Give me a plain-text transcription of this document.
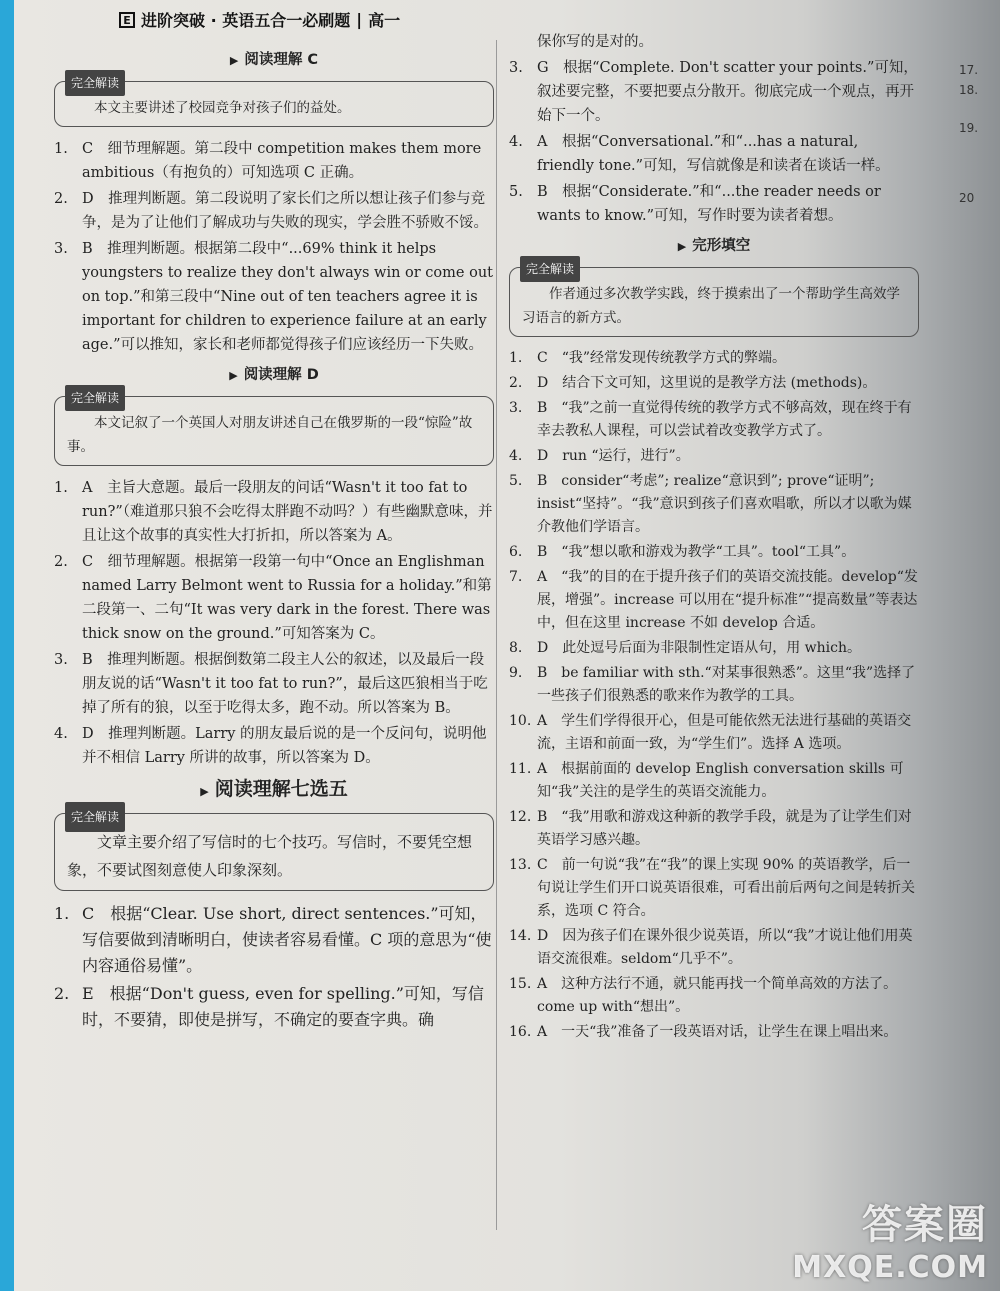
E 进阶突破 · 英语五合一必刷题 | 高一
▶ 阅读理解 C
完全解读
本文主要讲述了校园竞争对孩子们的益处。
1. C　细节理解题。第二段中 competition makes them more ambitious（有抱负的）可知选项 C 正确。
2. D　推理判断题。第二段说明了家长们之所以想让孩子们参与竞争，是为了让他们了解成功与失败的现实，学会胜不骄败不馁。
3. B　推理判断题。根据第二段中“...69% think it helps youngsters to realize they don't always win or come out on top.”和第三段中“Nine out of ten teachers agree it is important for children to experience failure at an early age.”可以推知，家长和老师都觉得孩子们应该经历一下失败。
▶ 阅读理解 D
完全解读
本文记叙了一个英国人对朋友讲述自己在俄罗斯的一段“惊险”故事。
1. A　主旨大意题。最后一段朋友的问话“Wasn't it too fat to run?”（难道那只狼不会吃得太胖跑不动吗？）有些幽默意味，并且让这个故事的真实性大打折扣，所以答案为 A。
2. C　细节理解题。根据第一段第一句中“Once an Englishman named Larry Belmont went to Russia for a holiday.”和第二段第一、二句“It was very dark in the forest. There was thick snow on the ground.”可知答案为 C。
3. B　推理判断题。根据倒数第二段主人公的叙述，以及最后一段朋友说的话“Wasn't it too fat to run?”，最后这匹狼相当于吃掉了所有的狼，以至于吃得太多，跑不动。所以答案为 B。
4. D　推理判断题。Larry 的朋友最后说的是一个反问句，说明他并不相信 Larry 所讲的故事，所以答案为 D。
▶ 阅读理解七选五
完全解读
文章主要介绍了写信时的七个技巧。写信时，不要凭空想象，不要试图刻意使人印象深刻。
1. C　根据“Clear. Use short, direct sentences.”可知，写信要做到清晰明白，使读者容易看懂。C 项的意思为“使内容通俗易懂”。
2. E　根据“Don't guess, even for spelling.”可知，写信时，不要猜，即使是拼写，不确定的要查字典。确
保你写的是对的。
3. G　根据“Complete. Don't scatter your points.”可知，叙述要完整，不要把要点分散开。彻底完成一个观点，再开始下一个。
4. A　根据“Conversational.”和“...has a natural, friendly tone.”可知，写信就像是和读者在谈话一样。
5. B　根据“Considerate.”和“...the reader needs or wants to know.”可知，写作时要为读者着想。
▶ 完形填空
完全解读
作者通过多次教学实践，终于摸索出了一个帮助学生高效学习语言的新方式。
1.	C　“我”经常发现传统教学方式的弊端。
2.	D　结合下文可知，这里说的是教学方法 (methods)。
3.	B　“我”之前一直觉得传统的教学方式不够高效，现在终于有幸去教私人课程，可以尝试着改变教学方式了。
4.	D　run “运行，进行”。
5.	B　consider“考虑”; realize“意识到”; prove“证明”; insist“坚持”。“我”意识到孩子们喜欢唱歌，所以才以歌为媒介教他们学语言。
6.	B　“我”想以歌和游戏为教学“工具”。tool“工具”。
7.	A　“我”的目的在于提升孩子们的英语交流技能。develop“发展，增强”。increase 可以用在“提升标准”“提高数量”等表达中，但在这里 increase 不如 develop 合适。
8.	D　此处逗号后面为非限制性定语从句，用 which。
9.	B　be familiar with sth.“对某事很熟悉”。这里“我”选择了一些孩子们很熟悉的歌来作为教学的工具。
10. A　学生们学得很开心，但是可能依然无法进行基础的英语交流，主语和前面一致，为“学生们”。选择 A 选项。
11. A　根据前面的 develop English conversation skills 可知“我”关注的是学生的英语交流能力。
12. B　“我”用歌和游戏这种新的教学手段，就是为了让学生们对英语学习感兴趣。
13. C　前一句说“我”在“我”的课上实现 90% 的英语教学，后一句说让学生们开口说英语很难，可看出前后两句之间是转折关系，选项 C 符合。
14. D　因为孩子们在课外很少说英语，所以“我”才说让他们用英语交流很难。seldom“几乎不”。
15. A　这种方法行不通，就只能再找一个简单高效的方法了。come up with“想出”。
16. A　一天“我”准备了一段英语对话，让学生在课上唱出来。
17.
18.
19.
20
答案圈
MXQE.COM
